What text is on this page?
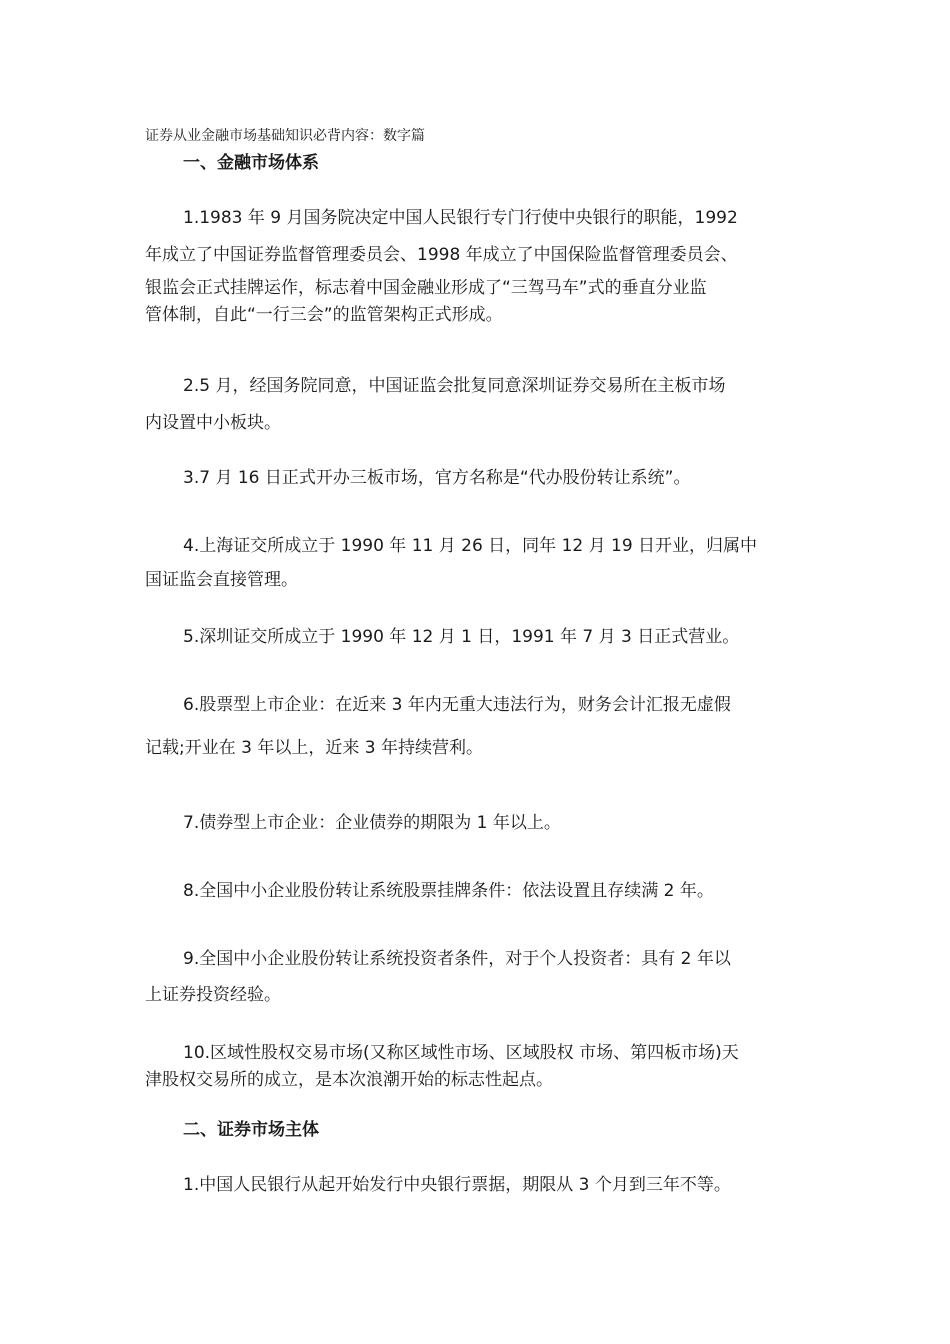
证券从业金融市场基础知识必背内容：数字篇
一、金融市场体系
1.1983 年 9 月国务院决定中国人民银行专门行使中央银行的职能，1992
年成立了中国证券监督管理委员会、1998 年成立了中国保险监督管理委员会、
银监会正式挂牌运作，标志着中国金融业形成了“三驾马车”式的垂直分业监
管体制，自此“一行三会”的监管架构正式形成。
2.5 月，经国务院同意，中国证监会批复同意深圳证券交易所在主板市场
内设置中小板块。
3.7 月 16 日正式开办三板市场，官方名称是“代办股份转让系统”。
4.上海证交所成立于 1990 年 11 月 26 日，同年 12 月 19 日开业，归属中
国证监会直接管理。
5.深圳证交所成立于 1990 年 12 月 1 日，1991 年 7 月 3 日正式营业。
6.股票型上市企业：在近来 3 年内无重大违法行为，财务会计汇报无虚假
记载;开业在 3 年以上，近来 3 年持续营利。
7.债券型上市企业：企业债券的期限为 1 年以上。
8.全国中小企业股份转让系统股票挂牌条件：依法设置且存续满 2 年。
9.全国中小企业股份转让系统投资者条件，对于个人投资者：具有 2 年以
上证券投资经验。
10.区域性股权交易市场(又称区域性市场、区域股权 市场、第四板市场)天
津股权交易所的成立，是本次浪潮开始的标志性起点。
二、证券市场主体
1.中国人民银行从起开始发行中央银行票据，期限从 3 个月到三年不等。
